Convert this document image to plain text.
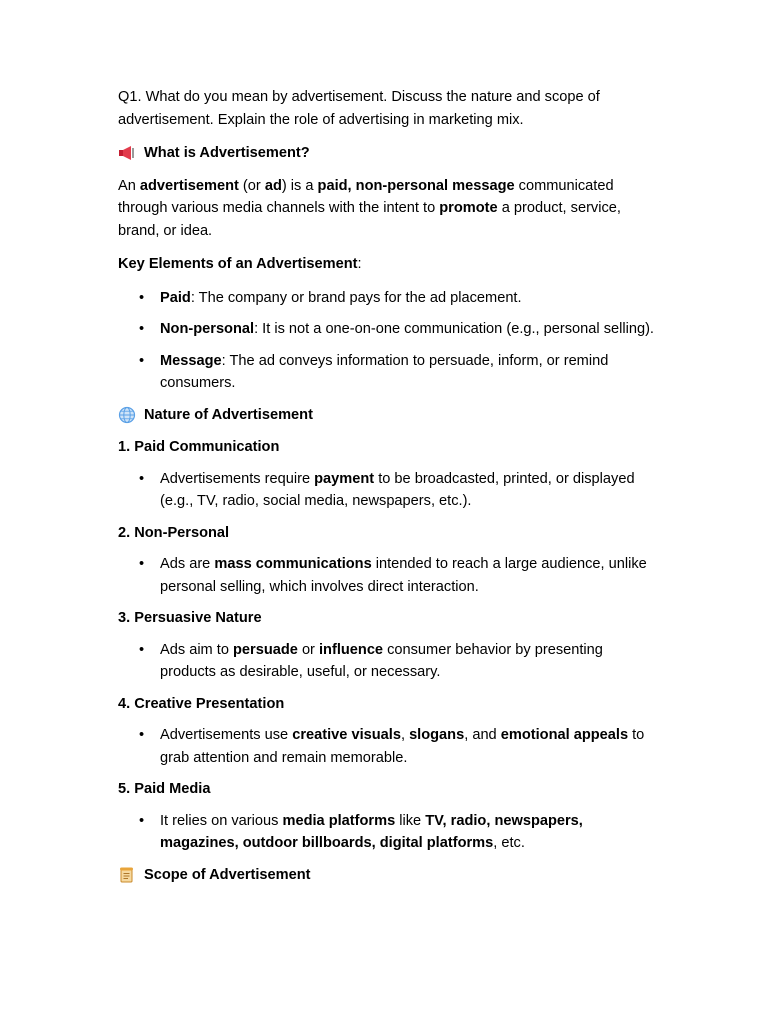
Q1. What do you mean by advertisement. Discuss the nature and scope of advertisement. Explain the role of advertising in marketing mix.

What is Advertisement?

An advertisement (or ad) is a paid, non-personal message communicated through various media channels with the intent to promote a product, service, brand, or idea.

Key Elements of an Advertisement:

• Paid: The company or brand pays for the ad placement.
• Non-personal: It is not a one-on-one communication (e.g., personal selling).
• Message: The ad conveys information to persuade, inform, or remind consumers.
Nature of Advertisement
1. Paid Communication
• Advertisements require payment to be broadcasted, printed, or displayed (e.g., TV, radio, social media, newspapers, etc.).
2. Non-Personal
• Ads are mass communications intended to reach a large audience, unlike personal selling, which involves direct interaction.
3. Persuasive Nature
• Ads aim to persuade or influence consumer behavior by presenting products as desirable, useful, or necessary.
4. Creative Presentation
• Advertisements use creative visuals, slogans, and emotional appeals to grab attention and remain memorable.
5. Paid Media
• It relies on various media platforms like TV, radio, newspapers, magazines, outdoor billboards, digital platforms, etc.
Scope of Advertisement
